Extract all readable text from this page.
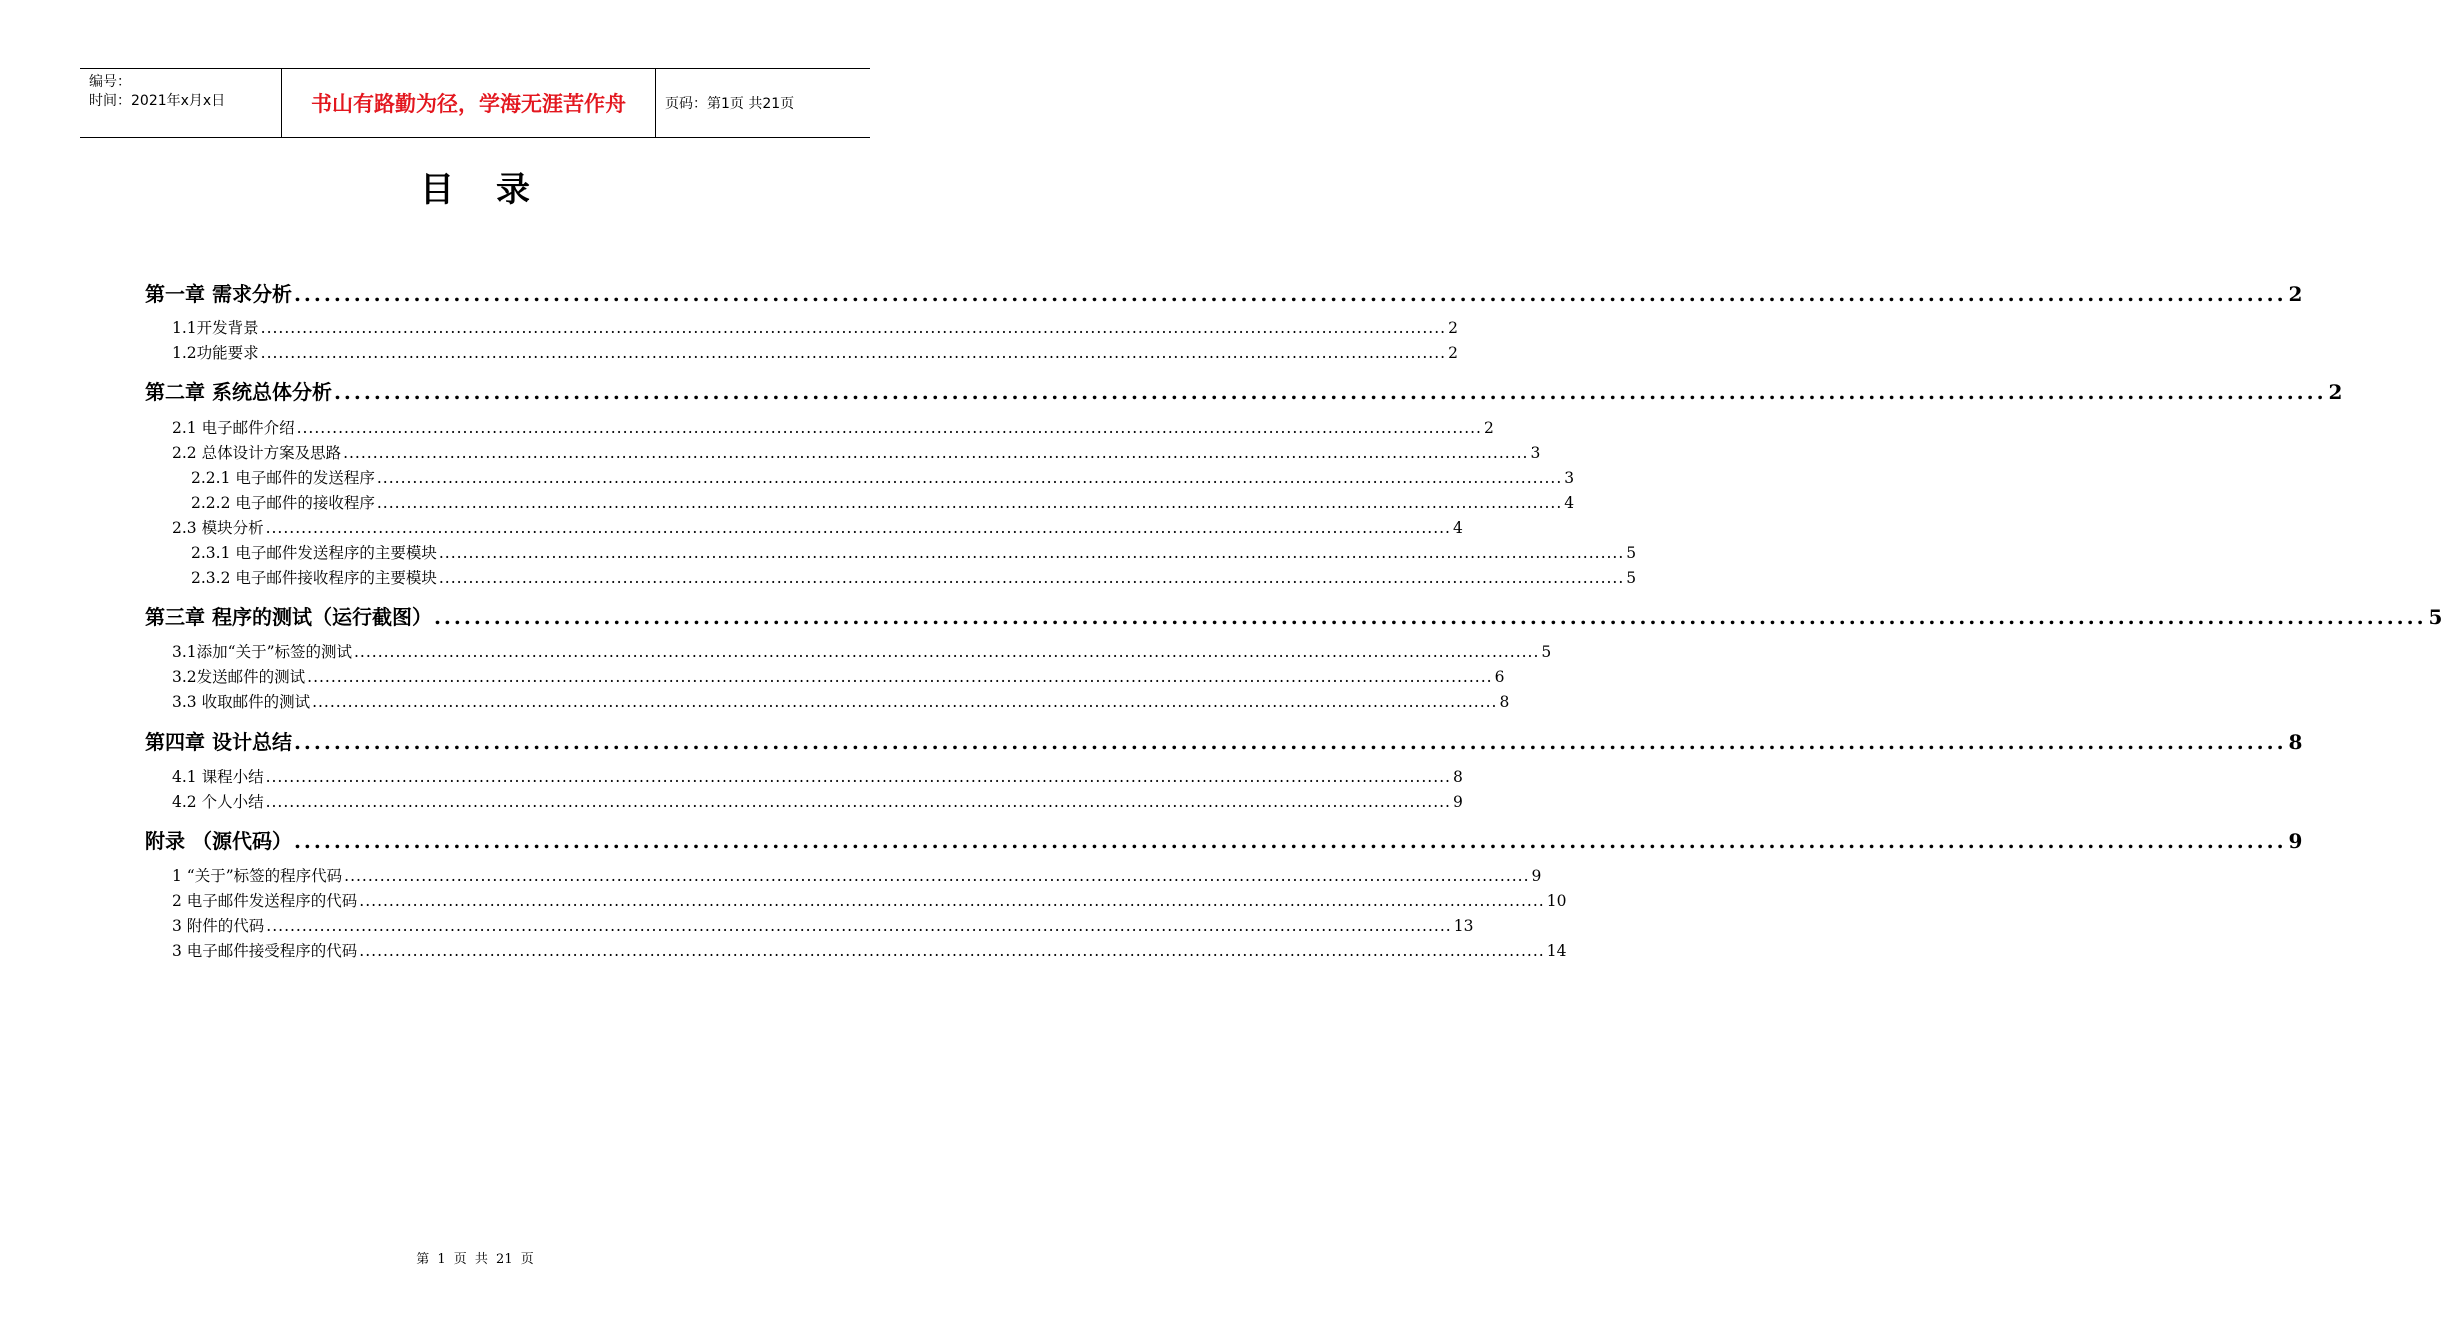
编号：
时间：2021年x月x日	书山有路勤为径，学海无涯苦作舟	页码：第1页 共21页
目录
第一章 需求分析 ........................................................................................................................................................................................................ 2
1.1开发背景 ........................................................................................................................................................................................................ 2
1.2功能要求 ........................................................................................................................................................................................................ 2
第二章 系统总体分析 ........................................................................................................................................................................................................ 2
2.1 电子邮件介绍 ........................................................................................................................................................................................................ 2
2.2 总体设计方案及思路 ........................................................................................................................................................................................................ 3
2.2.1 电子邮件的发送程序 ........................................................................................................................................................................................................ 3
2.2.2 电子邮件的接收程序 ........................................................................................................................................................................................................ 4
2.3 模块分析 ........................................................................................................................................................................................................ 4
2.3.1 电子邮件发送程序的主要模块 ........................................................................................................................................................................................................ 5
2.3.2 电子邮件接收程序的主要模块 ........................................................................................................................................................................................................ 5
第三章 程序的测试（运行截图） ........................................................................................................................................................................................................ 5
3.1添加“关于”标签的测试 ........................................................................................................................................................................................................ 5
3.2发送邮件的测试 ........................................................................................................................................................................................................ 6
3.3 收取邮件的测试 ........................................................................................................................................................................................................ 8
第四章 设计总结 ........................................................................................................................................................................................................ 8
4.1 课程小结 ........................................................................................................................................................................................................ 8
4.2 个人小结 ........................................................................................................................................................................................................ 9
附录 （源代码） ........................................................................................................................................................................................................ 9
1 “关于”标签的程序代码 ........................................................................................................................................................................................................ 9
2 电子邮件发送程序的代码 ........................................................................................................................................................................................................ 10
3 附件的代码 ........................................................................................................................................................................................................ 13
3 电子邮件接受程序的代码 ........................................................................................................................................................................................................ 14
第 1 页 共 21 页
